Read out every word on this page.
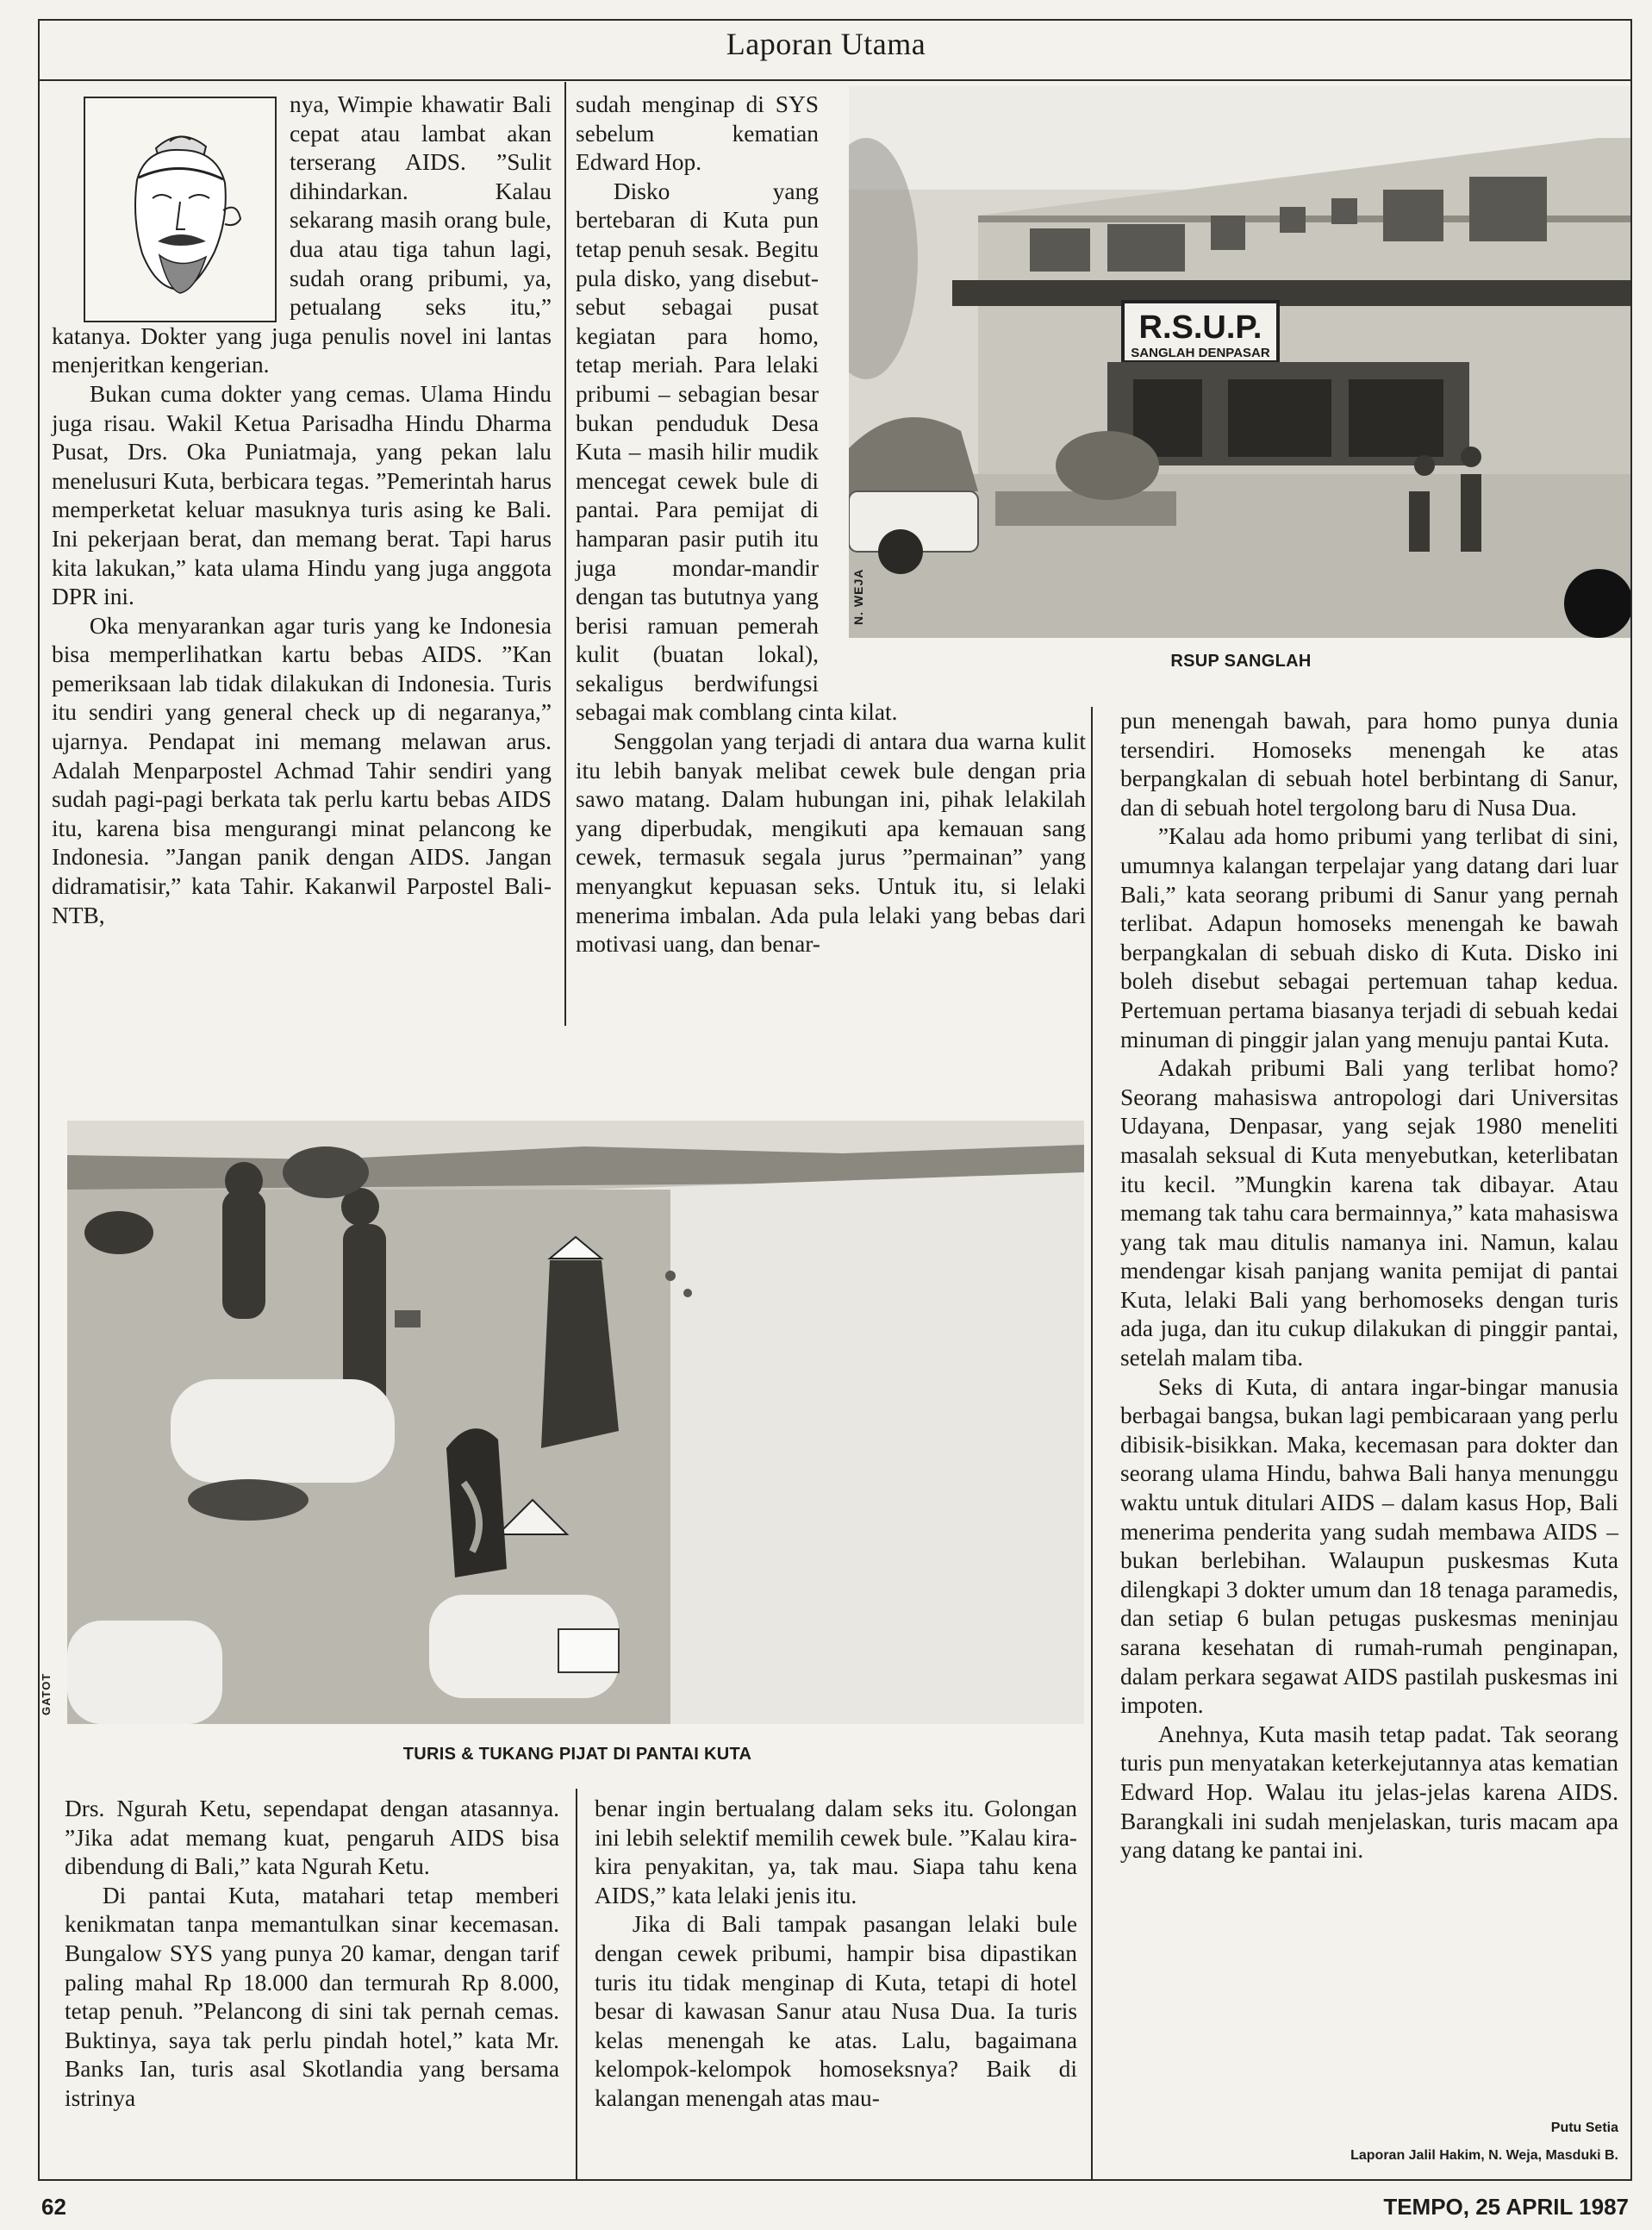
Laporan Utama

nya, Wimpie khawatir Bali cepat atau lambat akan terserang AIDS. ”Sulit dihindarkan. Kalau sekarang masih orang bule, dua atau tiga tahun lagi, sudah orang pribumi, ya, petualang seks itu,” katanya. Dokter yang juga penulis novel ini lantas menjeritkan kengerian.

Bukan cuma dokter yang cemas. Ulama Hindu juga risau. Wakil Ketua Parisadha Hindu Dharma Pusat, Drs. Oka Puniatmaja, yang pekan lalu menelusuri Kuta, berbicara tegas. ”Pemerintah harus memperketat keluar masuknya turis asing ke Bali. Ini pekerjaan berat, dan memang berat. Tapi harus kita lakukan,” kata ulama Hindu yang juga anggota DPR ini.

Oka menyarankan agar turis yang ke Indonesia bisa memperlihatkan kartu bebas AIDS. ”Kan pemeriksaan lab tidak dilakukan di Indonesia. Turis itu sendiri yang general check up di negaranya,” ujarnya. Pendapat ini memang melawan arus. Adalah Menparpostel Achmad Tahir sendiri yang sudah pagi-pagi berkata tak perlu kartu bebas AIDS itu, karena bisa mengurangi minat pelancong ke Indonesia. ”Jangan panik dengan AIDS. Jangan didramatisir,” kata Tahir. Kakanwil Parpostel Bali-NTB,

R.S.U.P.
SANGLAH DENPASAR
N. WEJA
RSUP SANGLAH

sudah menginap di SYS sebelum kematian Edward Hop.

Disko yang bertebaran di Kuta pun tetap penuh sesak. Begitu pula disko, yang disebut-sebut sebagai pusat kegiatan para homo, tetap meriah. Para lelaki pribumi – sebagian besar bukan penduduk Desa Kuta – masih hilir mudik mencegat cewek bule di pantai. Para pemijat di hamparan pasir putih itu juga mondar-mandir dengan tas bututnya yang berisi ramuan pemerah kulit (buatan lokal), sekaligus berdwifungsi sebagai mak comblang cinta kilat.

Senggolan yang terjadi di antara dua warna kulit itu lebih banyak melibat cewek bule dengan pria sawo matang. Dalam hubungan ini, pihak lelakilah yang diperbudak, mengikuti apa kemauan sang cewek, termasuk segala jurus ”permainan” yang menyangkut kepuasan seks. Untuk itu, si lelaki menerima imbalan. Ada pula lelaki yang bebas dari motivasi uang, dan benar-

pun menengah bawah, para homo punya dunia tersendiri. Homoseks menengah ke atas berpangkalan di sebuah hotel berbintang di Sanur, dan di sebuah hotel tergolong baru di Nusa Dua.

”Kalau ada homo pribumi yang terlibat di sini, umumnya kalangan terpelajar yang datang dari luar Bali,” kata seorang pribumi di Sanur yang pernah terlibat. Adapun homoseks menengah ke bawah berpangkalan di sebuah disko di Kuta. Disko ini boleh disebut sebagai pertemuan tahap kedua. Pertemuan pertama biasanya terjadi di sebuah kedai minuman di pinggir jalan yang menuju pantai Kuta.

Adakah pribumi Bali yang terlibat homo? Seorang mahasiswa antropologi dari Universitas Udayana, Denpasar, yang sejak 1980 meneliti masalah seksual di Kuta menyebutkan, keterlibatan itu kecil. ”Mungkin karena tak dibayar. Atau memang tak tahu cara bermainnya,” kata mahasiswa yang tak mau ditulis namanya ini. Namun, kalau mendengar kisah panjang wanita pemijat di pantai Kuta, lelaki Bali yang berhomoseks dengan turis ada juga, dan itu cukup dilakukan di pinggir pantai, setelah malam tiba.

Seks di Kuta, di antara ingar-bingar manusia berbagai bangsa, bukan lagi pembicaraan yang perlu dibisik-bisikkan. Maka, kecemasan para dokter dan seorang ulama Hindu, bahwa Bali hanya menunggu waktu untuk ditulari AIDS – dalam kasus Hop, Bali menerima penderita yang sudah membawa AIDS – bukan berlebihan. Walaupun puskesmas Kuta dilengkapi 3 dokter umum dan 18 tenaga paramedis, dan setiap 6 bulan petugas puskesmas meninjau sarana kesehatan di rumah-rumah penginapan, dalam perkara segawat AIDS pastilah puskesmas ini impoten.

Anehnya, Kuta masih tetap padat. Tak seorang turis pun menyatakan keterkejutannya atas kematian Edward Hop. Walau itu jelas-jelas karena AIDS. Barangkali ini sudah menjelaskan, turis macam apa yang datang ke pantai ini.

GATOT
TURIS & TUKANG PIJAT DI PANTAI KUTA

Drs. Ngurah Ketu, sependapat dengan atasannya. ”Jika adat memang kuat, pengaruh AIDS bisa dibendung di Bali,” kata Ngurah Ketu.

Di pantai Kuta, matahari tetap memberi kenikmatan tanpa memantulkan sinar kecemasan. Bungalow SYS yang punya 20 kamar, dengan tarif paling mahal Rp 18.000 dan termurah Rp 8.000, tetap penuh. ”Pelancong di sini tak pernah cemas. Buktinya, saya tak perlu pindah hotel,” kata Mr. Banks Ian, turis asal Skotlandia yang bersama istrinya

benar ingin bertualang dalam seks itu. Golongan ini lebih selektif memilih cewek bule. ”Kalau kira-kira penyakitan, ya, tak mau. Siapa tahu kena AIDS,” kata lelaki jenis itu.

Jika di Bali tampak pasangan lelaki bule dengan cewek pribumi, hampir bisa dipastikan turis itu tidak menginap di Kuta, tetapi di hotel besar di kawasan Sanur atau Nusa Dua. Ia turis kelas menengah ke atas. Lalu, bagaimana kelompok-kelompok homoseksnya? Baik di kalangan menengah atas mau-

Putu Setia
Laporan Jalil Hakim, N. Weja, Masduki B.
62	TEMPO, 25 APRIL 1987
